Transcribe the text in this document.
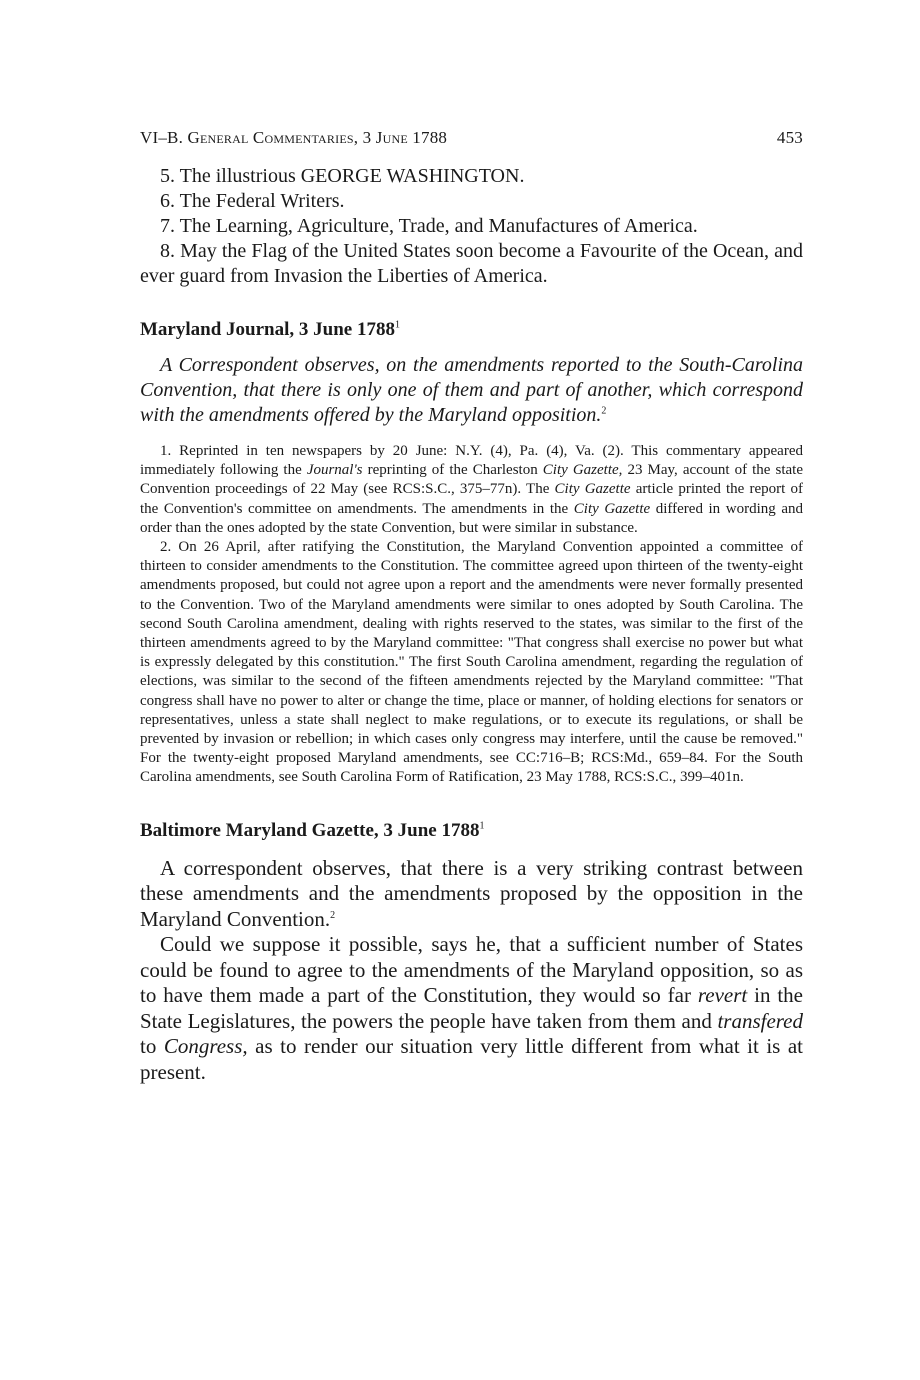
VI–B. General Commentaries, 3 June 1788	453

5. The illustrious GEORGE WASHINGTON.

6. The Federal Writers.

7. The Learning, Agriculture, Trade, and Manufactures of America.

8. May the Flag of the United States soon become a Favourite of the Ocean, and ever guard from Invasion the Liberties of America.

Maryland Journal, 3 June 1788$^1$

A Correspondent observes, on the amendments reported to the South-Carolina Convention, that there is only one of them and part of another, which correspond with the amendments offered by the Maryland opposition.$^2$

1. Reprinted in ten newspapers by 20 June: N.Y. (4), Pa. (4), Va. (2). This commentary appeared immediately following the Journal's reprinting of the Charleston City Gazette, 23 May, account of the state Convention proceedings of 22 May (see RCS:S.C., 375–77n). The City Gazette article printed the report of the Convention's committee on amendments. The amendments in the City Gazette differed in wording and order than the ones adopted by the state Convention, but were similar in substance.

2. On 26 April, after ratifying the Constitution, the Maryland Convention appointed a committee of thirteen to consider amendments to the Constitution. The committee agreed upon thirteen of the twenty-eight amendments proposed, but could not agree upon a report and the amendments were never formally presented to the Convention. Two of the Maryland amendments were similar to ones adopted by South Carolina. The second South Carolina amendment, dealing with rights reserved to the states, was similar to the first of the thirteen amendments agreed to by the Maryland committee: "That congress shall exercise no power but what is expressly delegated by this constitution." The first South Carolina amendment, regarding the regulation of elections, was similar to the second of the fifteen amendments rejected by the Maryland committee: "That congress shall have no power to alter or change the time, place or manner, of holding elections for senators or representatives, unless a state shall neglect to make regulations, or to execute its regulations, or shall be prevented by invasion or rebellion; in which cases only congress may interfere, until the cause be removed." For the twenty-eight proposed Maryland amendments, see CC:716–B; RCS:Md., 659–84. For the South Carolina amendments, see South Carolina Form of Ratification, 23 May 1788, RCS:S.C., 399–401n.

Baltimore Maryland Gazette, 3 June 1788$^1$

A correspondent observes, that there is a very striking contrast between these amendments and the amendments proposed by the opposition in the Maryland Convention.$^2$

Could we suppose it possible, says he, that a sufficient number of States could be found to agree to the amendments of the Maryland opposition, so as to have them made a part of the Constitution, they would so far revert in the State Legislatures, the powers the people have taken from them and transfered to Congress, as to render our situation very little different from what it is at present.
